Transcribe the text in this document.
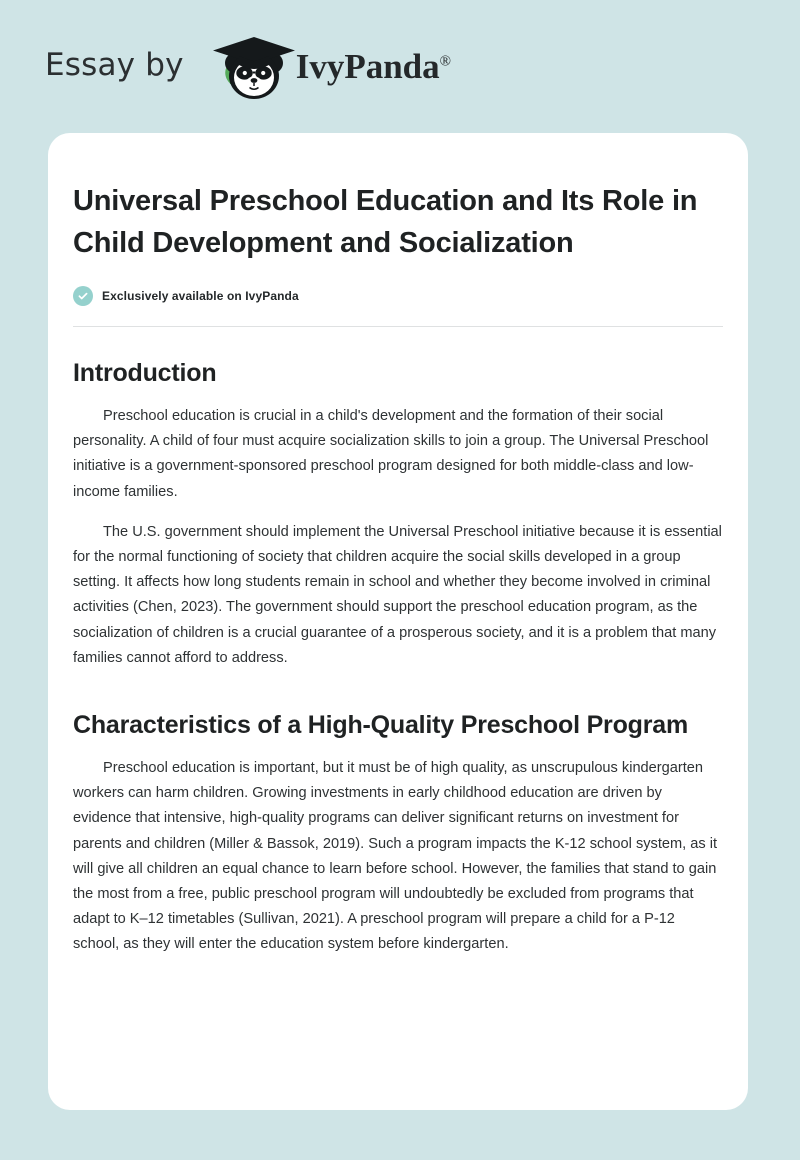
Essay by	IvyPanda®
Universal Preschool Education and Its Role in Child Development and Socialization
Exclusively available on IvyPanda
Introduction

Preschool education is crucial in a child's development and the formation of their social personality. A child of four must acquire socialization skills to join a group. The Universal Preschool initiative is a government-sponsored preschool program designed for both middle-class and low-income families.

The U.S. government should implement the Universal Preschool initiative because it is essential for the normal functioning of society that children acquire the social skills developed in a group setting. It affects how long students remain in school and whether they become involved in criminal activities (Chen, 2023). The government should support the preschool education program, as the socialization of children is a crucial guarantee of a prosperous society, and it is a problem that many families cannot afford to address.

Characteristics of a High-Quality Preschool Program

Preschool education is important, but it must be of high quality, as unscrupulous kindergarten workers can harm children. Growing investments in early childhood education are driven by evidence that intensive, high-quality programs can deliver significant returns on investment for parents and children (Miller & Bassok, 2019). Such a program impacts the K-12 school system, as it will give all children an equal chance to learn before school. However, the families that stand to gain the most from a free, public preschool program will undoubtedly be excluded from programs that adapt to K–12 timetables (Sullivan, 2021). A preschool program will prepare a child for a P-12 school, as they will enter the education system before kindergarten.
